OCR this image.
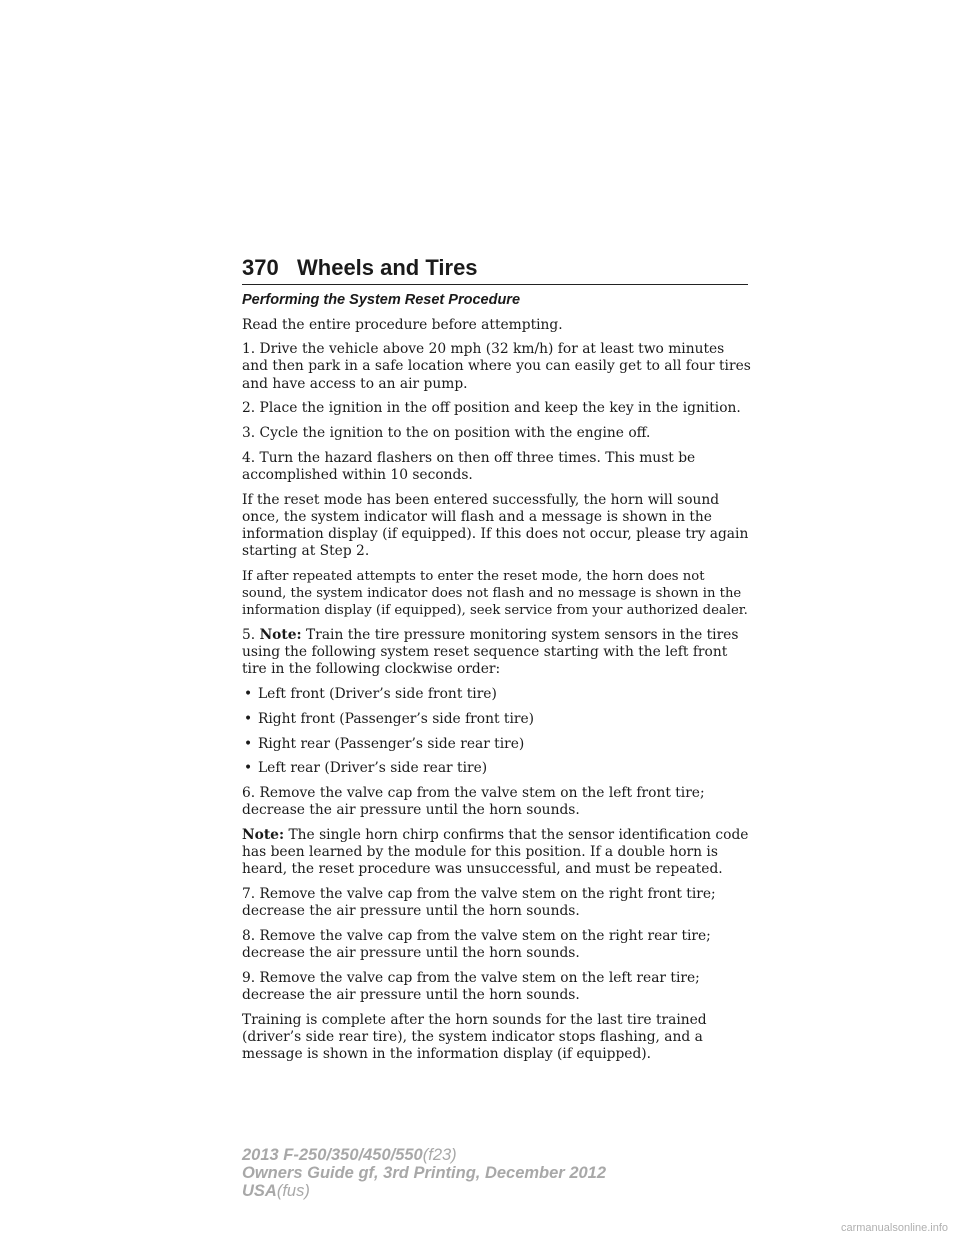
370 Wheels and Tires

Performing the System Reset Procedure

Read the entire procedure before attempting.

1. Drive the vehicle above 20 mph (32 km/h) for at least two minutes and then park in a safe location where you can easily get to all four tires and have access to an air pump.

2. Place the ignition in the off position and keep the key in the ignition.

3. Cycle the ignition to the on position with the engine off.

4. Turn the hazard flashers on then off three times. This must be accomplished within 10 seconds.

If the reset mode has been entered successfully, the horn will sound once, the system indicator will flash and a message is shown in the information display (if equipped). If this does not occur, please try again starting at Step 2.

If after repeated attempts to enter the reset mode, the horn does not sound, the system indicator does not flash and no message is shown in the information display (if equipped), seek service from your authorized dealer.

5. Note: Train the tire pressure monitoring system sensors in the tires using the following system reset sequence starting with the left front tire in the following clockwise order:

• Left front (Driver’s side front tire)
• Right front (Passenger’s side front tire)
• Right rear (Passenger’s side rear tire)
• Left rear (Driver’s side rear tire)

6. Remove the valve cap from the valve stem on the left front tire; decrease the air pressure until the horn sounds.

Note: The single horn chirp confirms that the sensor identification code has been learned by the module for this position. If a double horn is heard, the reset procedure was unsuccessful, and must be repeated.

7. Remove the valve cap from the valve stem on the right front tire; decrease the air pressure until the horn sounds.

8. Remove the valve cap from the valve stem on the right rear tire; decrease the air pressure until the horn sounds.

9. Remove the valve cap from the valve stem on the left rear tire; decrease the air pressure until the horn sounds.

Training is complete after the horn sounds for the last tire trained (driver’s side rear tire), the system indicator stops flashing, and a message is shown in the information display (if equipped).

2013 F-250/350/450/550(f23)
Owners Guide gf, 3rd Printing, December 2012
USA(fus)
carmanualsonline.info
